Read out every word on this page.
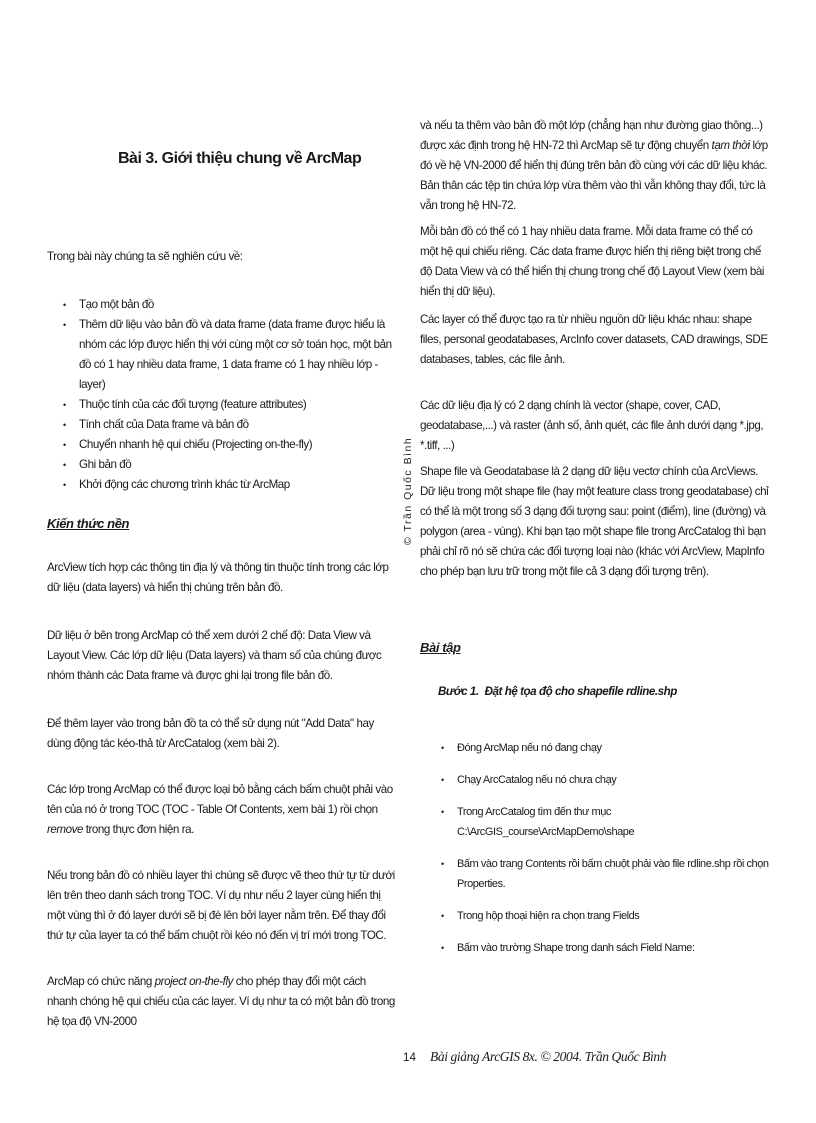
Bài 3. Giới thiệu chung về ArcMap

Trong bài này chúng ta sẽ nghiên cứu về:

• Tạo một bản đồ
• Thêm dữ liệu vào bản đồ và data frame (data frame được hiểu là nhóm các lớp được hiển thị với cùng một cơ sở toán học, một bản đồ có 1 hay nhiều data frame, 1 data frame có 1 hay nhiều lớp - layer)
• Thuộc tính của các đối tượng (feature attributes)
• Tính chất của Data frame và bản đồ
• Chuyển nhanh hệ qui chiếu (Projecting on-the-fly)
• Ghi bản đồ
• Khởi động các chương trình khác từ ArcMap
Kiến thức nền

ArcView tích hợp các thông tin địa lý và thông tin thuộc tính trong các lớp dữ liệu (data layers) và hiển thị chúng trên bản đồ.

Dữ liệu ở bên trong ArcMap có thể xem dưới 2 chế độ: Data View và Layout View. Các lớp dữ liệu (Data layers) và tham số của chúng được nhóm thành các Data frame và được ghi lại trong file bản đồ.

Để thêm layer vào trong bản đồ ta có thể sử dụng nút "Add Data" hay dùng động tác kéo-thả từ ArcCatalog (xem bài 2).

Các lớp trong ArcMap có thể được loại bỏ bằng cách bấm chuột phải vào tên của nó ở trong TOC (TOC - Table Of Contents, xem bài 1) rồi chọn remove trong thực đơn hiện ra.

Nếu trong bản đồ có nhiều layer thì chúng sẽ được vẽ theo thứ tự từ dưới lên trên theo danh sách trong TOC. Ví dụ như nếu 2 layer cùng hiển thị một vùng thì ở đó layer dưới sẽ bị đè lên bởi layer nằm trên. Để thay đổi thứ tự của layer ta có thể bấm chuột rồi kéo nó đến vị trí mới trong TOC.

ArcMap có chức năng project on-the-fly cho phép thay đổi một cách nhanh chóng hệ qui chiếu của các layer. Ví dụ như ta có một bản đồ trong hệ tọa độ VN-2000

© Trần Quốc Bình

và nếu ta thêm vào bản đồ một lớp (chẳng hạn như đường giao thông...) được xác định trong hệ HN-72 thì ArcMap sẽ tự động chuyển tạm thời lớp đó về hệ VN-2000 để hiển thị đúng trên bản đồ cùng với các dữ liệu khác. Bản thân các tệp tin chứa lớp vừa thêm vào thì vẫn không thay đổi, tức là vẫn trong hệ HN-72.

Mỗi bản đồ có thể có 1 hay nhiều data frame. Mỗi data frame có thể có một hệ qui chiếu riêng. Các data frame được hiển thị riêng biệt trong chế độ Data View và có thể hiển thị chung trong chế độ Layout View (xem bài hiển thị dữ liệu).

Các layer có thể được tạo ra từ nhiều nguồn dữ liệu khác nhau: shape files, personal geodatabases, ArcInfo cover datasets, CAD drawings, SDE databases, tables, các file ảnh.

Các dữ liệu địa lý có 2 dạng chính là vector (shape, cover, CAD, geodatabase,...) và raster (ảnh số, ảnh quét, các file ảnh dưới dạng *.jpg, *.tiff, ...)

Shape file và Geodatabase là 2 dạng dữ liệu vectơ chính của ArcViews. Dữ liệu trong một shape file (hay một feature class trong geodatabase) chỉ có thể là một trong số 3 dạng đối tượng sau: point (điểm), line (đường) và polygon (area - vùng). Khi bạn tạo một shape file trong ArcCatalog thì bạn phải chỉ rõ nó sẽ chứa các đối tượng loại nào (khác với ArcView, MapInfo cho phép bạn lưu trữ trong một file cả 3 dạng đối tượng trên).

Bài tập
Bước 1. Đặt hệ tọa độ cho shapefile rdline.shp
• Đóng ArcMap nếu nó đang chạy
• Chạy ArcCatalog nếu nó chưa chạy
• Trong ArcCatalog tìm đến thư mục C:\ArcGIS_course\ArcMapDemo\shape
• Bấm vào trang Contents rồi bấm chuột phải vào file rdline.shp rồi chọn Properties.
• Trong hộp thoại hiện ra chọn trang Fields
• Bấm vào trường Shape trong danh sách Field Name:
14 Bài giảng ArcGIS 8x. © 2004. Trần Quốc Bình
